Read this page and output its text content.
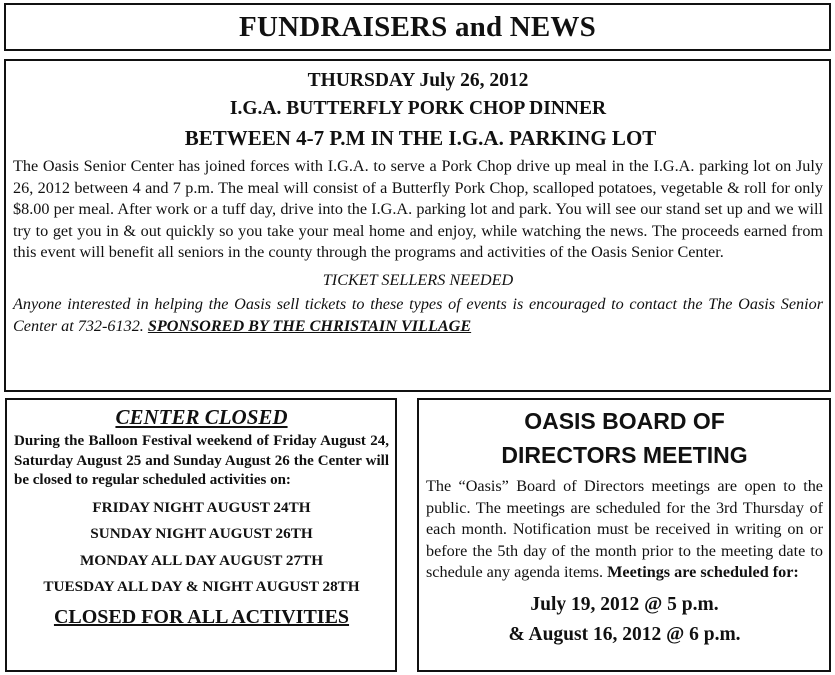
FUNDRAISERS and NEWS

THURSDAY July 26, 2012

I.G.A. BUTTERFLY PORK CHOP DINNER

BETWEEN 4-7 P.M IN THE I.G.A. PARKING LOT

The Oasis Senior Center has joined forces with I.G.A. to serve a Pork Chop drive up meal in the I.G.A. parking lot on July 26, 2012 between 4 and 7 p.m. The meal will consist of a Butterfly Pork Chop, scalloped potatoes, vegetable & roll for only $8.00 per meal. After work or a tuff day, drive into the I.G.A. parking lot and park. You will see our stand set up and we will try to get you in & out quickly so you take your meal home and enjoy, while watching the news. The proceeds earned from this event will benefit all seniors in the county through the programs and activities of the Oasis Senior Center.

TICKET SELLERS NEEDED

Anyone interested in helping the Oasis sell tickets to these types of events is encouraged to contact the The Oasis Senior Center at 732-6132. SPONSORED BY THE CHRISTAIN VILLAGE

CENTER CLOSED

During the Balloon Festival weekend of Friday August 24, Saturday August 25 and Sunday August 26 the Center will be closed to regular scheduled activities on:

FRIDAY NIGHT AUGUST 24TH
SUNDAY NIGHT AUGUST 26TH
MONDAY ALL DAY AUGUST 27TH
TUESDAY ALL DAY & NIGHT AUGUST 28TH

CLOSED FOR ALL ACTIVITIES

OASIS BOARD OF

DIRECTORS MEETING

The “Oasis” Board of Directors meetings are open to the public. The meetings are scheduled for the 3rd Thursday of each month. Notification must be received in writing on or before the 5th day of the month prior to the meeting date to schedule any agenda items. Meetings are scheduled for:

July 19, 2012 @ 5 p.m.

& August 16, 2012 @ 6 p.m.
